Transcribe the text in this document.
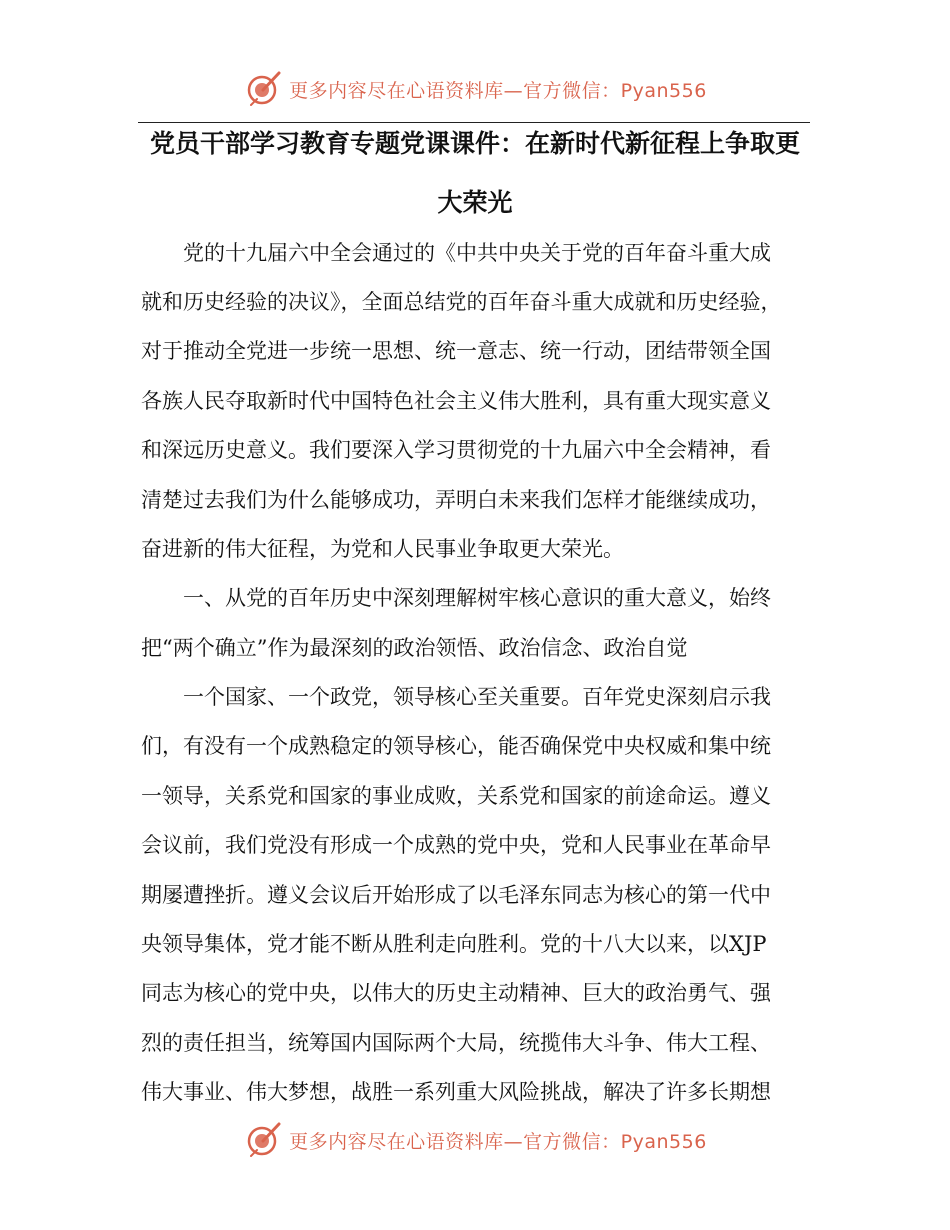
更多内容尽在心语资料库—官方微信：Pyan556
党员干部学习教育专题党课课件：在新时代新征程上争取更
大荣光
党的十九届六中全会通过的《中共中央关于党的百年奋斗重大成
就和历史经验的决议》，全面总结党的百年奋斗重大成就和历史经验，
对于推动全党进一步统一思想、统一意志、统一行动，团结带领全国
各族人民夺取新时代中国特色社会主义伟大胜利，具有重大现实意义
和深远历史意义。我们要深入学习贯彻党的十九届六中全会精神，看
清楚过去我们为什么能够成功，弄明白未来我们怎样才能继续成功，
奋进新的伟大征程，为党和人民事业争取更大荣光。
一、从党的百年历史中深刻理解树牢核心意识的重大意义，始终
把“两个确立”作为最深刻的政治领悟、政治信念、政治自觉
一个国家、一个政党，领导核心至关重要。百年党史深刻启示我
们，有没有一个成熟稳定的领导核心，能否确保党中央权威和集中统
一领导，关系党和国家的事业成败，关系党和国家的前途命运。遵义
会议前，我们党没有形成一个成熟的党中央，党和人民事业在革命早
期屡遭挫折。遵义会议后开始形成了以毛泽东同志为核心的第一代中
央领导集体，党才能不断从胜利走向胜利。党的十八大以来，以XJP
同志为核心的党中央，以伟大的历史主动精神、巨大的政治勇气、强
烈的责任担当，统筹国内国际两个大局，统揽伟大斗争、伟大工程、
伟大事业、伟大梦想，战胜一系列重大风险挑战，解决了许多长期想
更多内容尽在心语资料库—官方微信：Pyan556
